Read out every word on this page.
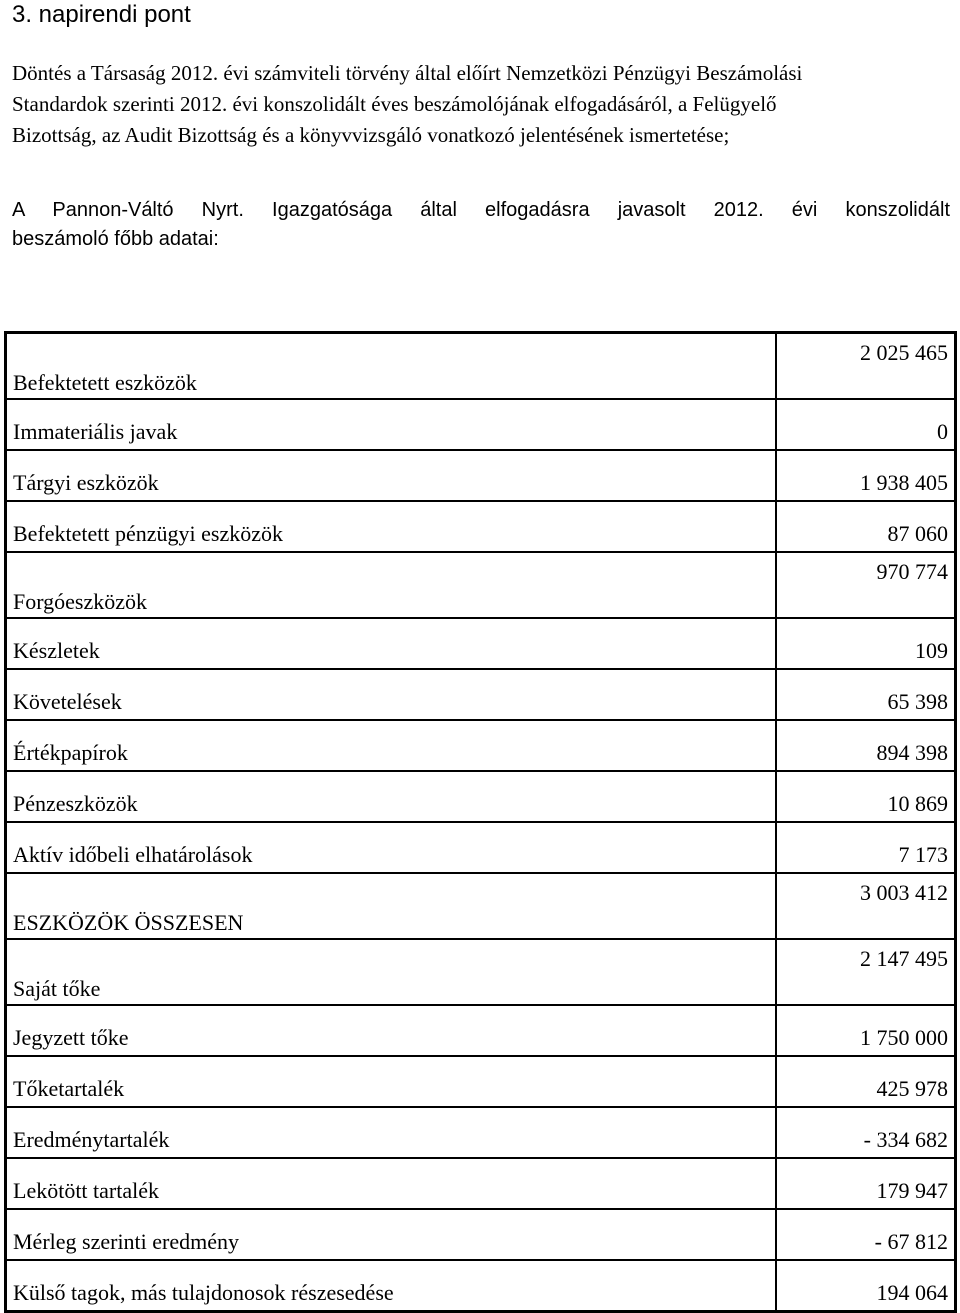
3. napirendi pont
Döntés a Társaság 2012. évi számviteli törvény által előírt Nemzetközi Pénzügyi Beszámolási
Standardok szerinti 2012. évi konszolidált éves beszámolójának elfogadásáról, a Felügyelő
Bizottság, az Audit Bizottság és a könyvvizsgáló vonatkozó jelentésének ismertetése;
A Pannon-Váltó Nyrt. Igazgatósága által elfogadásra javasolt 2012. évi konszolidált
beszámoló főbb adatai:
Befektetett eszközök	2 025 465
Immateriális javak	0
Tárgyi eszközök	1 938 405
Befektetett pénzügyi eszközök	87 060
Forgóeszközök	970 774
Készletek	109
Követelések	65 398
Értékpapírok	894 398
Pénzeszközök	10 869
Aktív időbeli elhatárolások	7 173
ESZKÖZÖK ÖSSZESEN	3 003 412
Saját tőke	2 147 495
Jegyzett tőke	1 750 000
Tőketartalék	425 978
Eredménytartalék	- 334 682
Lekötött tartalék	179 947
Mérleg szerinti eredmény	- 67 812
Külső tagok, más tulajdonosok részesedése	194 064
